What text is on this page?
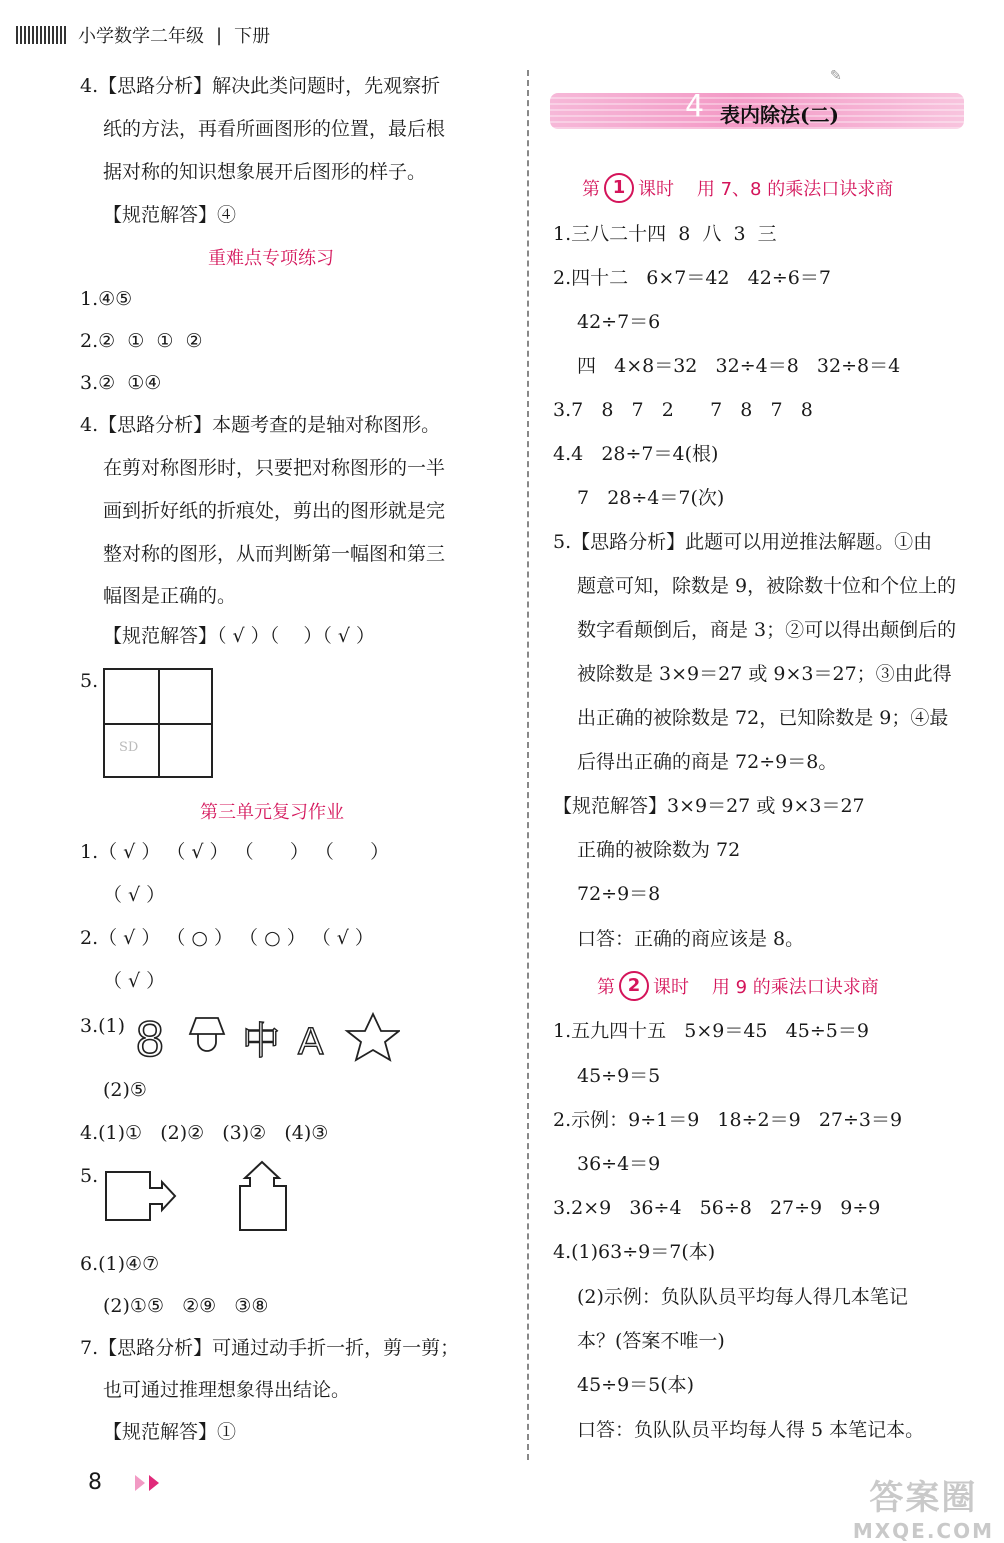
小学数学二年级 | 下册
4.【思路分析】解决此类问题时，先观察折
纸的方法，再看所画图形的位置，最后根
据对称的知识想象展开后图形的样子。
【规范解答】④
重难点专项练习
1.④⑤
2.②  ①  ①  ②
3.②  ①④
4.【思路分析】本题考查的是轴对称图形。
在剪对称图形时，只要把对称图形的一半
画到折好纸的折痕处，剪出的图形就是完
整对称的图形，从而判断第一幅图和第三
幅图是正确的。
【规范解答】（ √ ）（    ）（ √ ）
5.
SD
第三单元复习作业
1.（ √ ） （ √ ） （      ） （      ）
（ √ ）
2.（ √ ） （ ○ ） （ ○ ） （ √ ）
（ √ ）
3.(1) 8 中 A
(2)⑤
4.(1)①   (2)②   (3)②   (4)③
5.
6.(1)④⑦
(2)①⑤   ②⑨   ③⑧
7.【思路分析】可通过动手折一折，剪一剪；
也可通过推理想象得出结论。
【规范解答】①
✎
4 表内除法(二)
第 1 课时    用 7、8 的乘法口诀求商
1.三八二十四  8  八  3  三
2.四十二   6×7＝42   42÷6＝7
42÷7＝6
四   4×8＝32   32÷4＝8   32÷8＝4
3.7   8   7   2      7   8   7   8
4.4   28÷7＝4(根)
7   28÷4＝7(次)
5.【思路分析】此题可以用逆推法解题。①由
题意可知，除数是 9，被除数十位和个位上的
数字看颠倒后，商是 3；②可以得出颠倒后的
被除数是 3×9＝27 或 9×3＝27；③由此得
出正确的被除数是 72，已知除数是 9；④最
后得出正确的商是 72÷9＝8。
【规范解答】3×9＝27 或 9×3＝27
正确的被除数为 72
72÷9＝8
口答：正确的商应该是 8。
第 2 课时    用 9 的乘法口诀求商
1.五九四十五   5×9＝45   45÷5＝9
45÷9＝5
2.示例：9÷1＝9   18÷2＝9   27÷3＝9
36÷4＝9
3.2×9   36÷4   56÷8   27÷9   9÷9
4.(1)63÷9＝7(本)
(2)示例：负队队员平均每人得几本笔记
本？(答案不唯一)
45÷9＝5(本)
口答：负队队员平均每人得 5 本笔记本。
8	答案圈
MXQE.COM
